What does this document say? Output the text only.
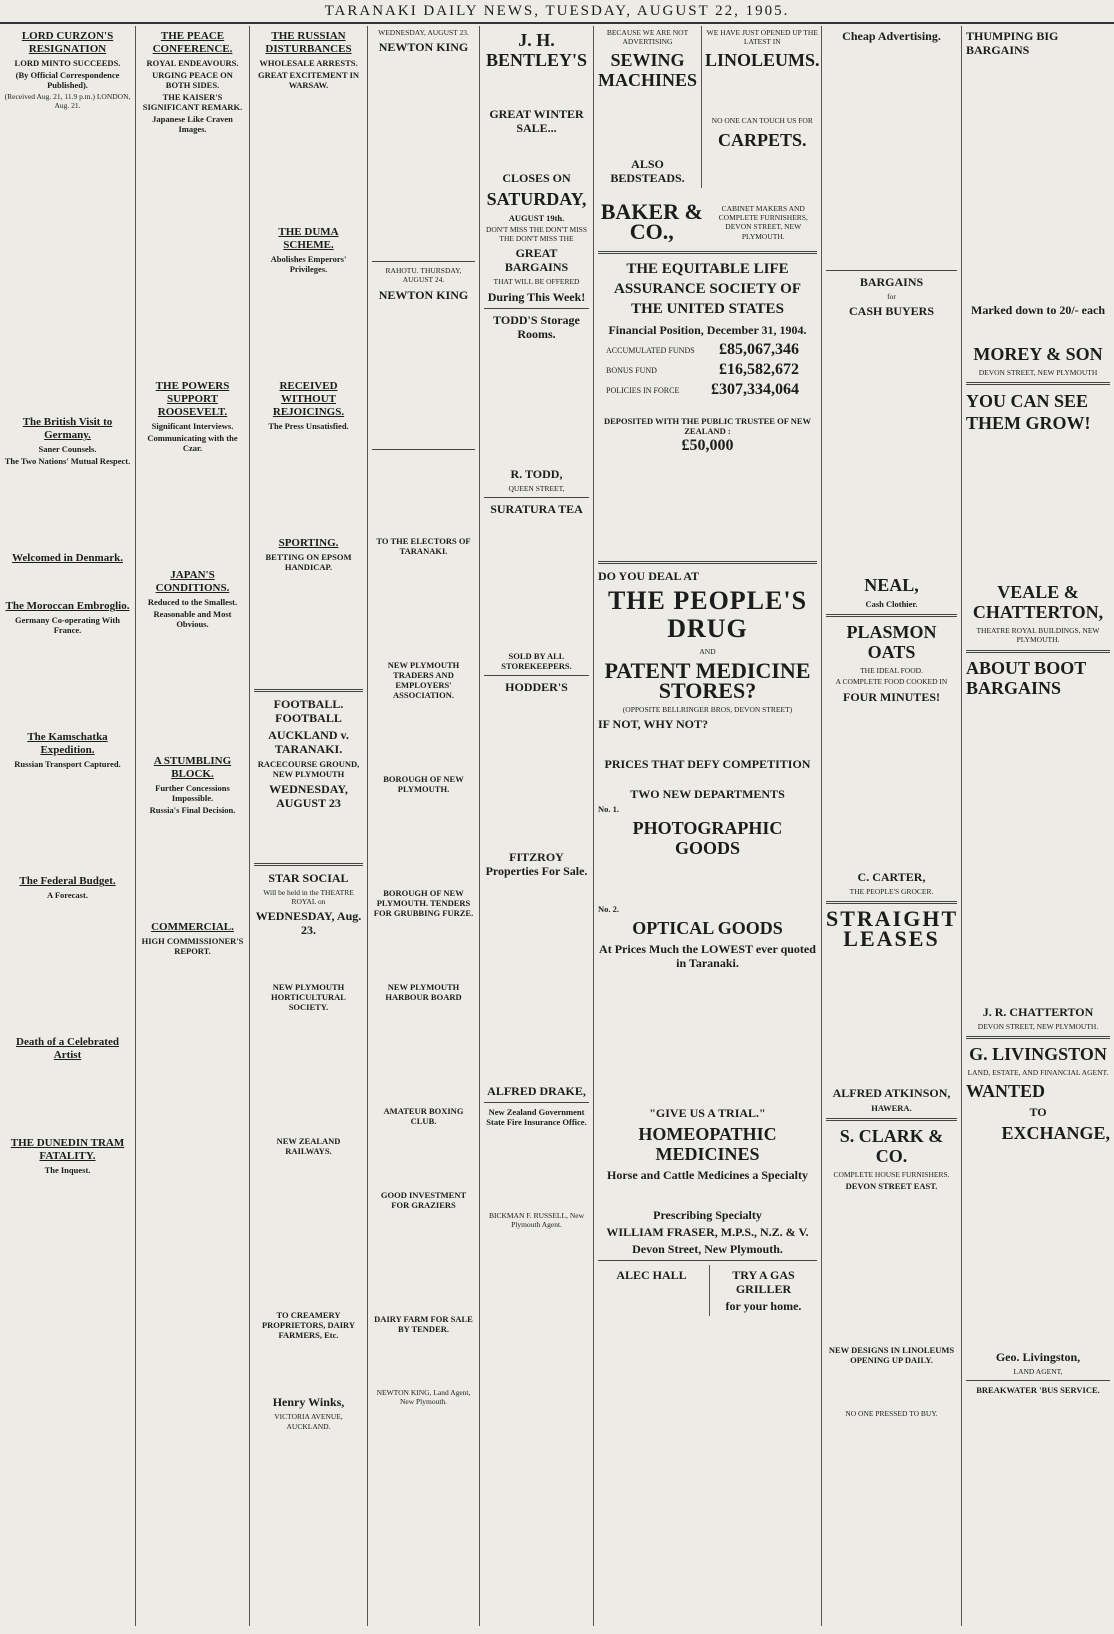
TARANAKI DAILY NEWS, TUESDAY, AUGUST 22, 1905.
LORD CURZON'S RESIGNATION
LORD MINTO SUCCEEDS.
(By Official Correspondence Published).
(Received Aug. 21, 11.9 p.m.) LONDON, Aug. 21.
The British Visit to Germany.
Saner Counsels.
The Two Nations' Mutual Respect.
Welcomed in Denmark.
The Moroccan Embroglio.
Germany Co-operating With France.
The Kamschatka Expedition.
Russian Transport Captured.
The Federal Budget.
A Forecast.
Death of a Celebrated Artist
THE DUNEDIN TRAM FATALITY.
The Inquest.
THE PEACE CONFERENCE.
ROYAL ENDEAVOURS.
URGING PEACE ON BOTH SIDES.
THE KAISER'S SIGNIFICANT REMARK.
Japanese Like Craven Images.
THE POWERS SUPPORT ROOSEVELT.
Significant Interviews.
Communicating with the Czar.
JAPAN'S CONDITIONS.
Reduced to the Smallest.
Reasonable and Most Obvious.
A STUMBLING BLOCK.
Further Concessions Impossible.
Russia's Final Decision.
COMMERCIAL.
HIGH COMMISSIONER'S REPORT.
THE RUSSIAN DISTURBANCES
WHOLESALE ARRESTS.
GREAT EXCITEMENT IN WARSAW.
THE DUMA SCHEME.
Abolishes Emperors' Privileges.
RECEIVED WITHOUT REJOICINGS.
The Press Unsatisfied.
SPORTING.
BETTING ON EPSOM HANDICAP.
FOOTBALL. FOOTBALL
AUCKLAND v. TARANAKI.
RACECOURSE GROUND, NEW PLYMOUTH
WEDNESDAY, AUGUST 23
STAR SOCIAL
Will be held in the THEATRE ROYAL on
WEDNESDAY, Aug. 23.
NEW PLYMOUTH HORTICULTURAL SOCIETY.
NEW ZEALAND RAILWAYS.
TO CREAMERY PROPRIETORS, DAIRY FARMERS, Etc.
Henry Winks,
VICTORIA AVENUE, AUCKLAND.
WEDNESDAY, AUGUST 23.
NEWTON KING
RAHOTU. THURSDAY, AUGUST 24.
NEWTON KING
TO THE ELECTORS OF TARANAKI.
NEW PLYMOUTH TRADERS AND EMPLOYERS' ASSOCIATION.
BOROUGH OF NEW PLYMOUTH.
BOROUGH OF NEW PLYMOUTH. TENDERS FOR GRUBBING FURZE.
NEW PLYMOUTH HARBOUR BOARD
AMATEUR BOXING CLUB.
GOOD INVESTMENT FOR GRAZIERS
DAIRY FARM FOR SALE BY TENDER.
NEWTON KING, Land Agent, New Plymouth.
J. H. BENTLEY'S
GREAT WINTER SALE...
CLOSES ON
SATURDAY,
AUGUST 19th.
DON'T MISS THE DON'T MISS THE DON'T MISS THE
GREAT BARGAINS
THAT WILL BE OFFERED
During This Week!
TODD'S Storage Rooms.
R. TODD,
QUEEN STREET,
SURATURA TEA
SOLD BY ALL STOREKEEPERS.
HODDER'S
FITZROY Properties For Sale.
ALFRED DRAKE,
New Zealand Government State Fire Insurance Office.
BICKMAN F. RUSSELL, New Plymouth Agent.
BECAUSE WE ARE NOT ADVERTISING
SEWING MACHINES
ALSO BEDSTEADS.
WE HAVE JUST OPENED UP THE LATEST IN
LINOLEUMS.
NO ONE CAN TOUCH US FOR
CARPETS.
BAKER & CO.,
CABINET MAKERS AND COMPLETE FURNISHERS, DEVON STREET, NEW PLYMOUTH.
THE EQUITABLE LIFE ASSURANCE SOCIETY OF THE UNITED STATES
Financial Position, December 31, 1904.
ACCUMULATED FUNDS £85,067,346
BONUS FUND	£16,582,672
POLICIES IN FORCE £307,334,064
DEPOSITED WITH THE PUBLIC TRUSTEE OF NEW ZEALAND :
£50,000
DO YOU DEAL AT
THE PEOPLE'S DRUG
AND
PATENT MEDICINE STORES?
(OPPOSITE BELLRINGER BROS, DEVON STREET)
IF NOT, WHY NOT?
PRICES THAT DEFY COMPETITION
TWO NEW DEPARTMENTS
No. 1.
PHOTOGRAPHIC GOODS
No. 2.
OPTICAL GOODS
At Prices Much the LOWEST ever quoted in Taranaki.
"GIVE US A TRIAL."
HOMEOPATHIC MEDICINES
Horse and Cattle Medicines a Specialty
Prescribing Specialty
WILLIAM FRASER, M.P.S., N.Z. & V.
Devon Street, New Plymouth.
ALEC HALL	TRY A GAS GRILLER
for your home.
Cheap Advertising.
BARGAINS
for
CASH BUYERS
NEAL,
Cash Clothier.
PLASMON OATS
THE IDEAL FOOD.
A COMPLETE FOOD COOKED IN
FOUR MINUTES!
C. CARTER,
THE PEOPLE'S GROCER.
STRAIGHT LEASES
ALFRED ATKINSON,
HAWERA.
S. CLARK & CO.
COMPLETE HOUSE FURNISHERS.
DEVON STREET EAST.
NEW DESIGNS IN LINOLEUMS OPENING UP DAILY.
NO ONE PRESSED TO BUY.
THUMPING BIG BARGAINS
Marked down to 20/- each
MOREY & SON
DEVON STREET, NEW PLYMOUTH
YOU CAN SEE THEM GROW!
VEALE & CHATTERTON,
THEATRE ROYAL BUILDINGS, NEW PLYMOUTH.
ABOUT BOOT BARGAINS
J. R. CHATTERTON
DEVON STREET, NEW PLYMOUTH.
G. LIVINGSTON
LAND, ESTATE, AND FINANCIAL AGENT.
WANTED
TO
EXCHANGE,
Geo. Livingston,
LAND AGENT,
BREAKWATER 'BUS SERVICE.
